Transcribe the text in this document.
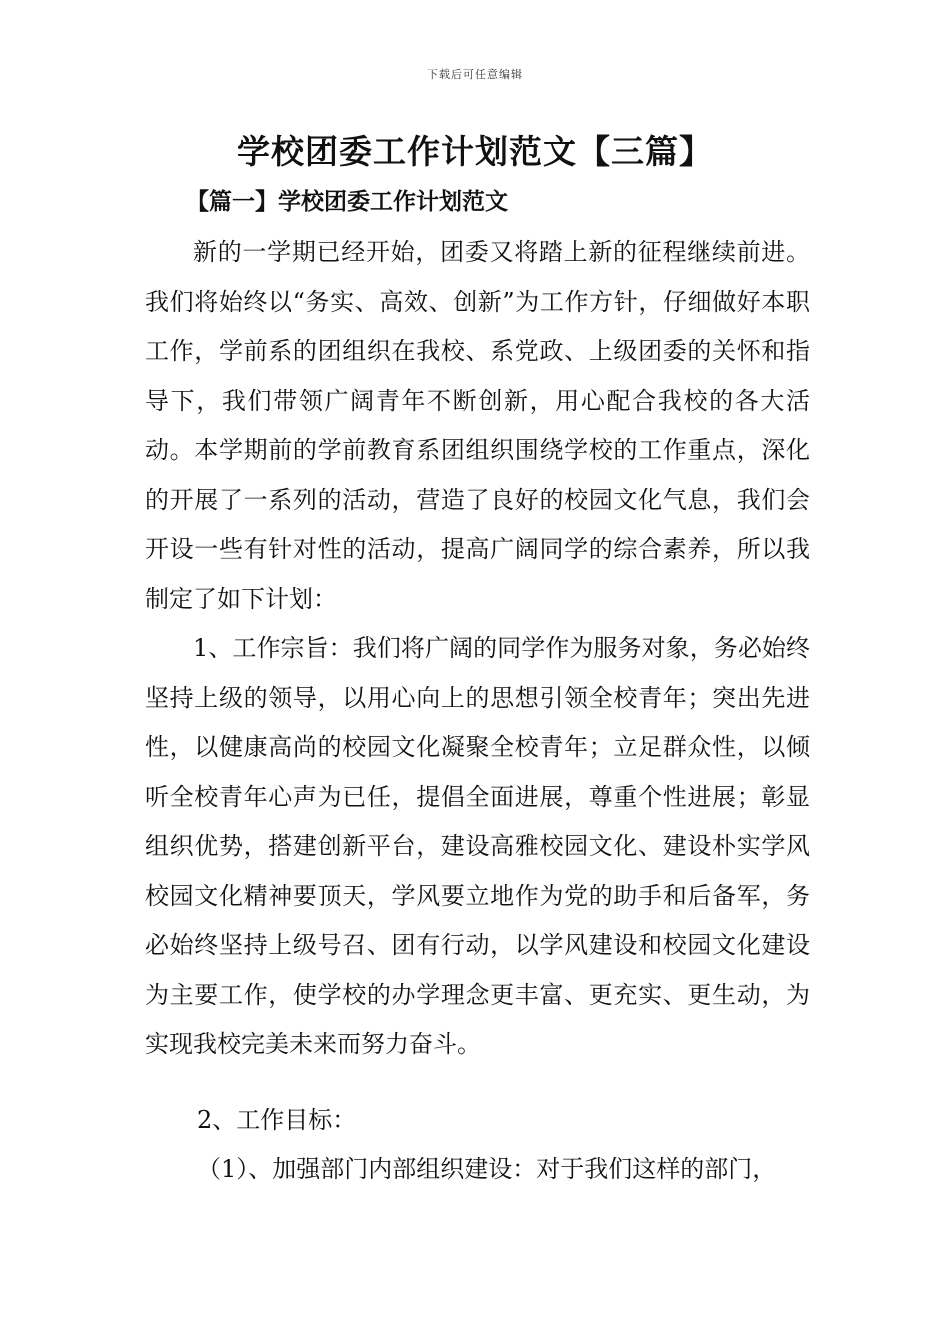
下载后可任意编辑
学校团委工作计划范文【三篇】
【篇一】学校团委工作计划范文

新的一学期已经开始，团委又将踏上新的征程继续前进。我们将始终以“务实、高效、创新”为工作方针，仔细做好本职工作，学前系的团组织在我校、系党政、上级团委的关怀和指导下，我们带领广阔青年不断创新，用心配合我校的各大活动。本学期前的学前教育系团组织围绕学校的工作重点，深化的开展了一系列的活动，营造了良好的校园文化气息，我们会开设一些有针对性的活动，提高广阔同学的综合素养，所以我制定了如下计划：

1、工作宗旨：我们将广阔的同学作为服务对象，务必始终坚持上级的领导，以用心向上的思想引领全校青年；突出先进性，以健康高尚的校园文化凝聚全校青年；立足群众性，以倾听全校青年心声为已任，提倡全面进展，尊重个性进展；彰显组织优势，搭建创新平台，建设高雅校园文化、建设朴实学风校园文化精神要顶天，学风要立地作为党的助手和后备军，务必始终坚持上级号召、团有行动，以学风建设和校园文化建设为主要工作，使学校的办学理念更丰富、更充实、更生动，为实现我校完美未来而努力奋斗。

2、工作目标：

（1）、加强部门内部组织建设：对于我们这样的部门，
